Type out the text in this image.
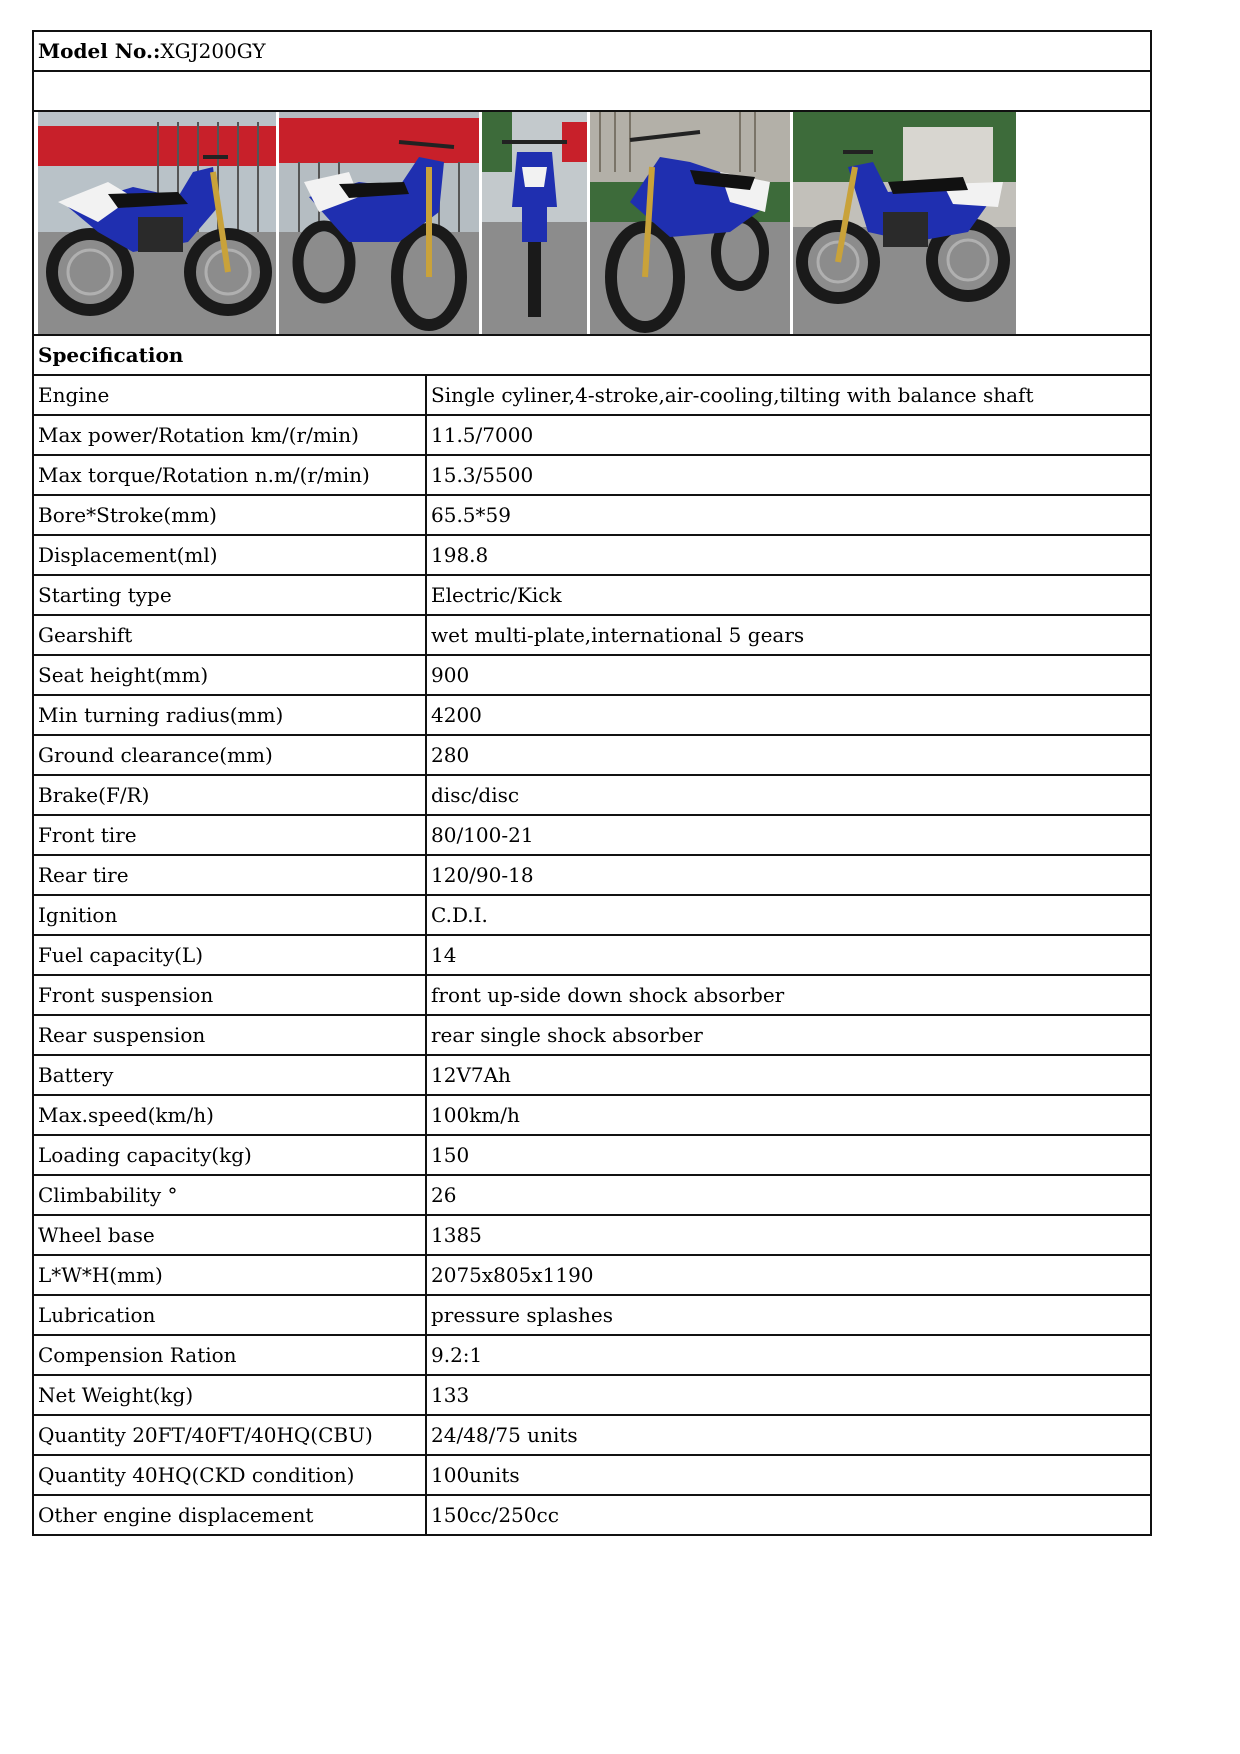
Model No.:XGJ200GY	

Specification	
Engine	Single cyliner,4-stroke,air-cooling,tilting with balance shaft
Max power/Rotation km/(r/min)	11.5/7000
Max torque/Rotation n.m/(r/min)	15.3/5500
Bore*Stroke(mm)	65.5*59
Displacement(ml)	198.8
Starting type	Electric/Kick
Gearshift	wet multi-plate,international 5 gears
Seat height(mm)	900
Min turning radius(mm)	4200
Ground clearance(mm)	280
Brake(F/R)	disc/disc
Front tire	80/100-21
Rear tire	120/90-18
Ignition	C.D.I.
Fuel capacity(L)	14
Front suspension	front up-side down shock absorber
Rear suspension	rear single shock absorber
Battery	12V7Ah
Max.speed(km/h)	100km/h
Loading capacity(kg)	150
Climbability °	26
Wheel base	1385
L*W*H(mm)	2075x805x1190
Lubrication	pressure splashes
Compension Ration	9.2:1
Net Weight(kg)	133
Quantity 20FT/40FT/40HQ(CBU)	24/48/75 units
Quantity 40HQ(CKD condition)	100units
Other engine displacement	150cc/250cc
